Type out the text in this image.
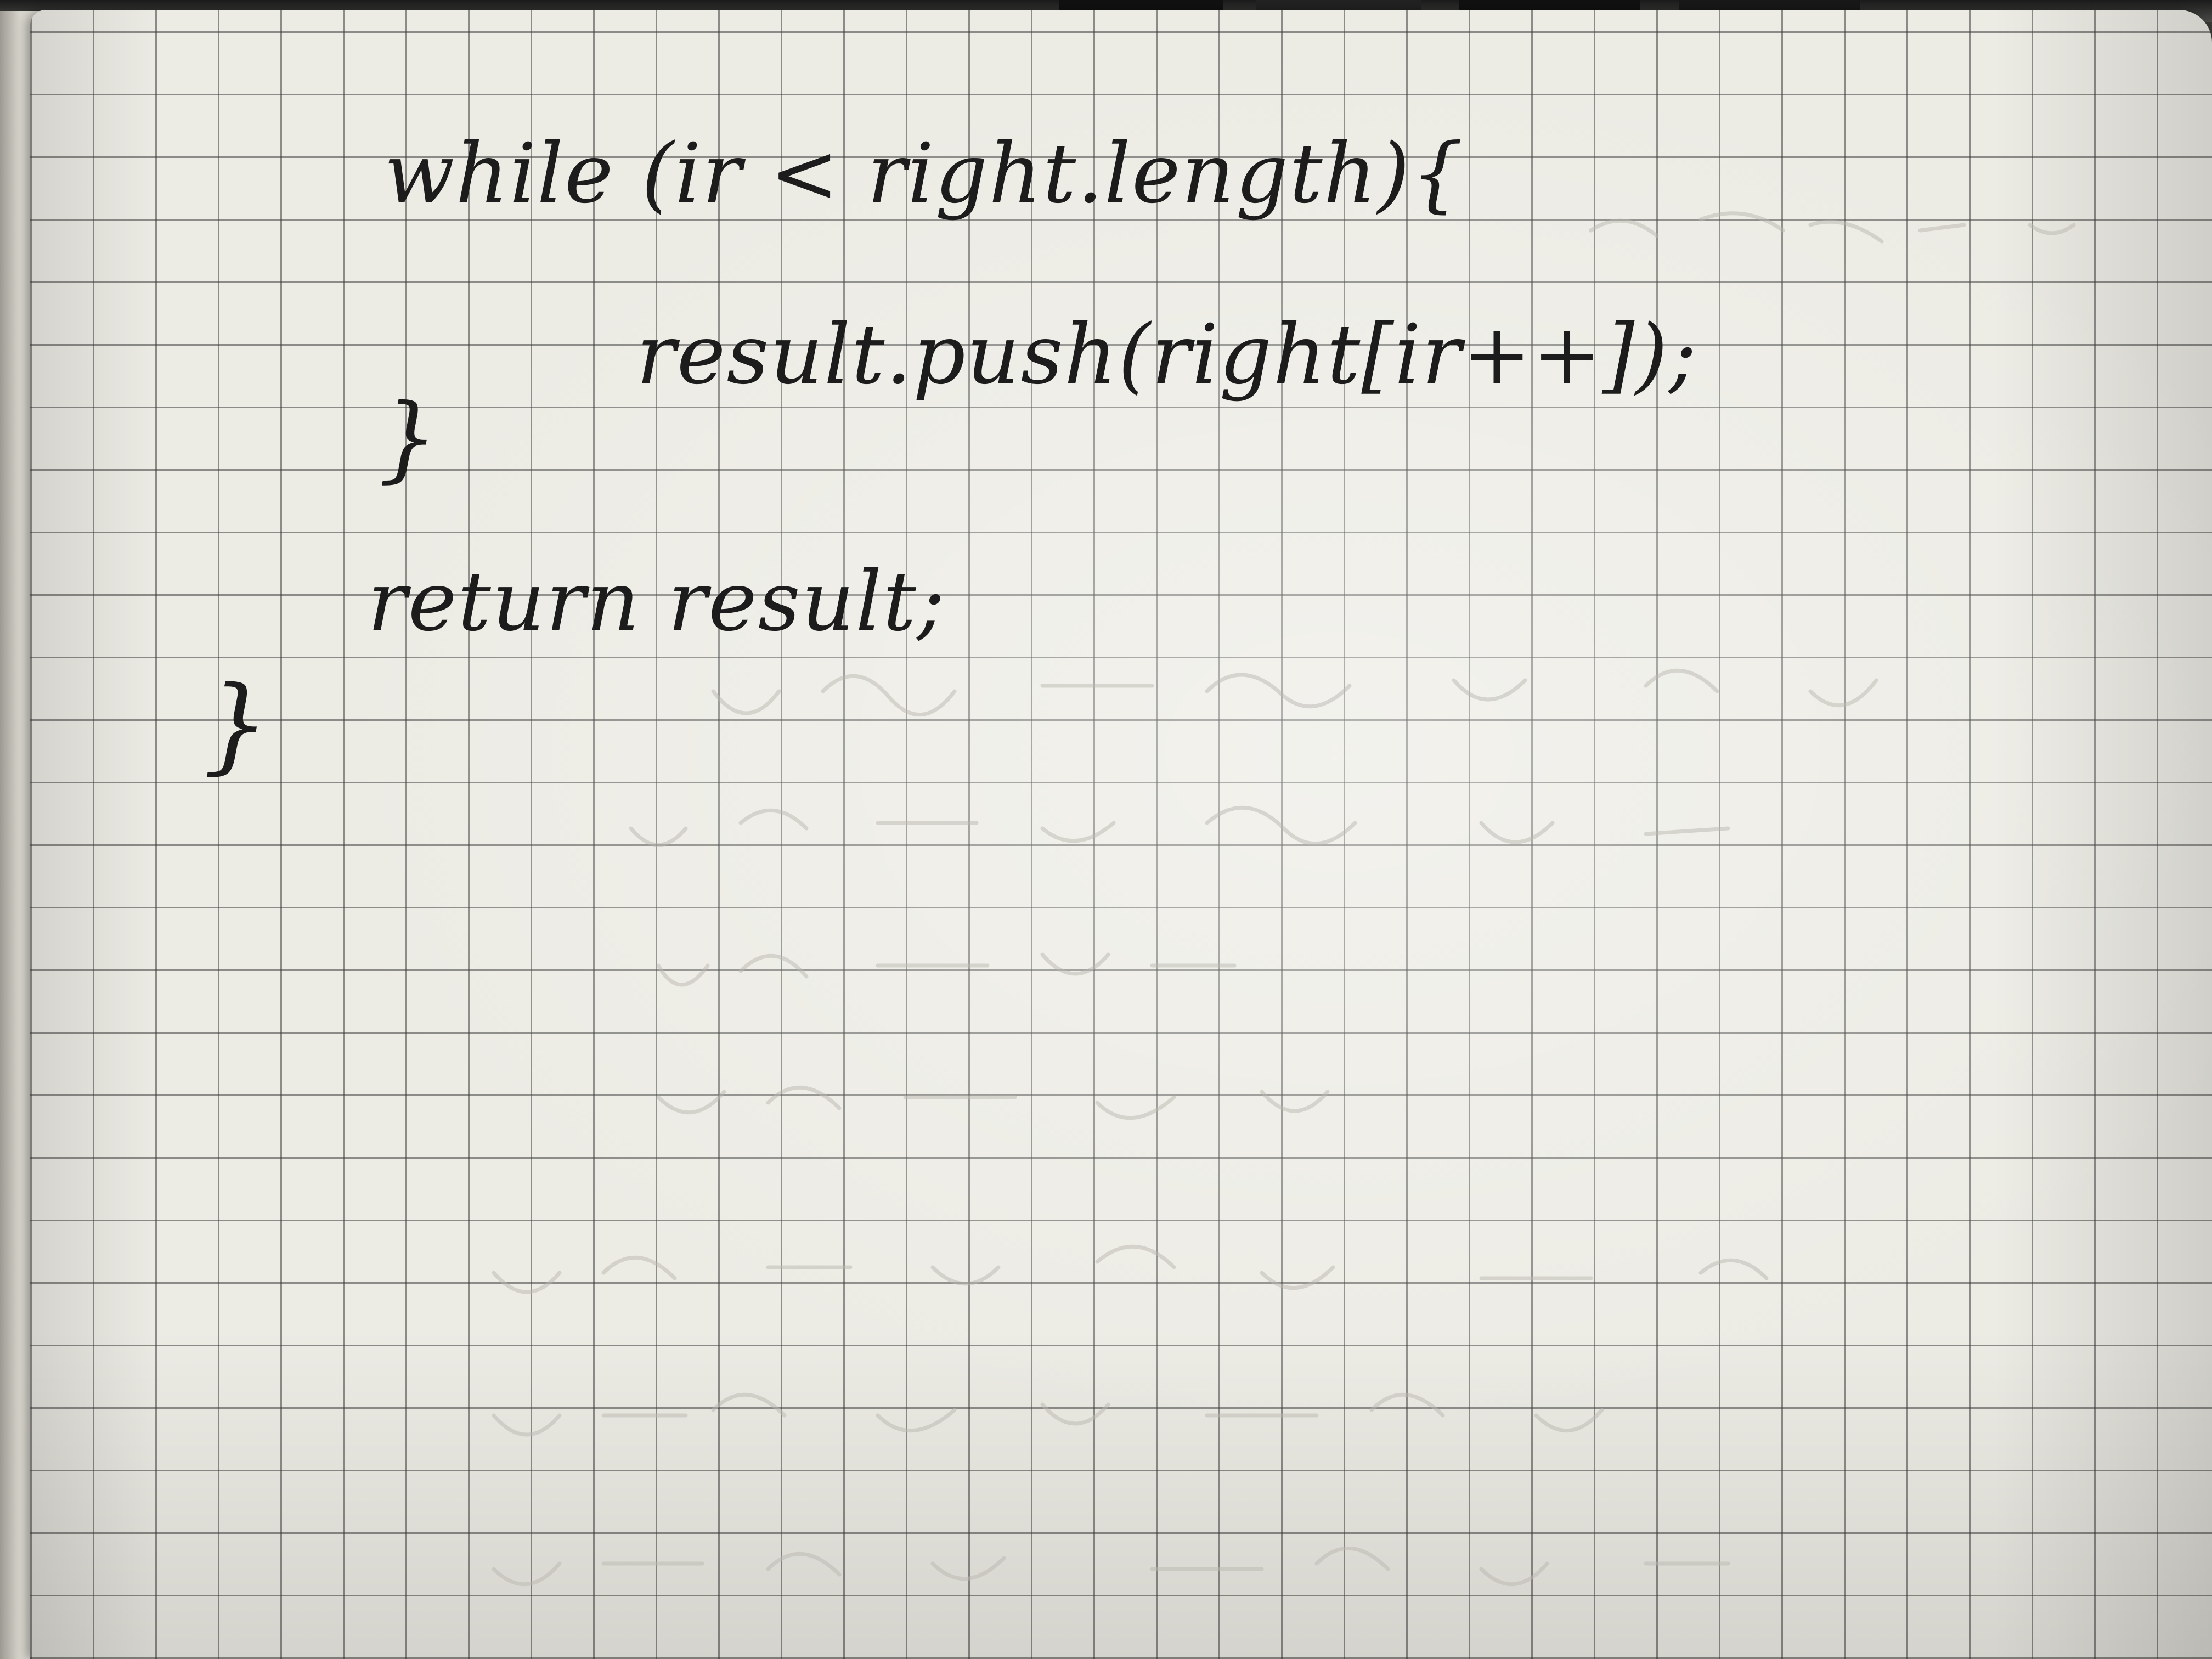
while (ir < right.length){
result.push(right[ir++]);
}
return result;
}
